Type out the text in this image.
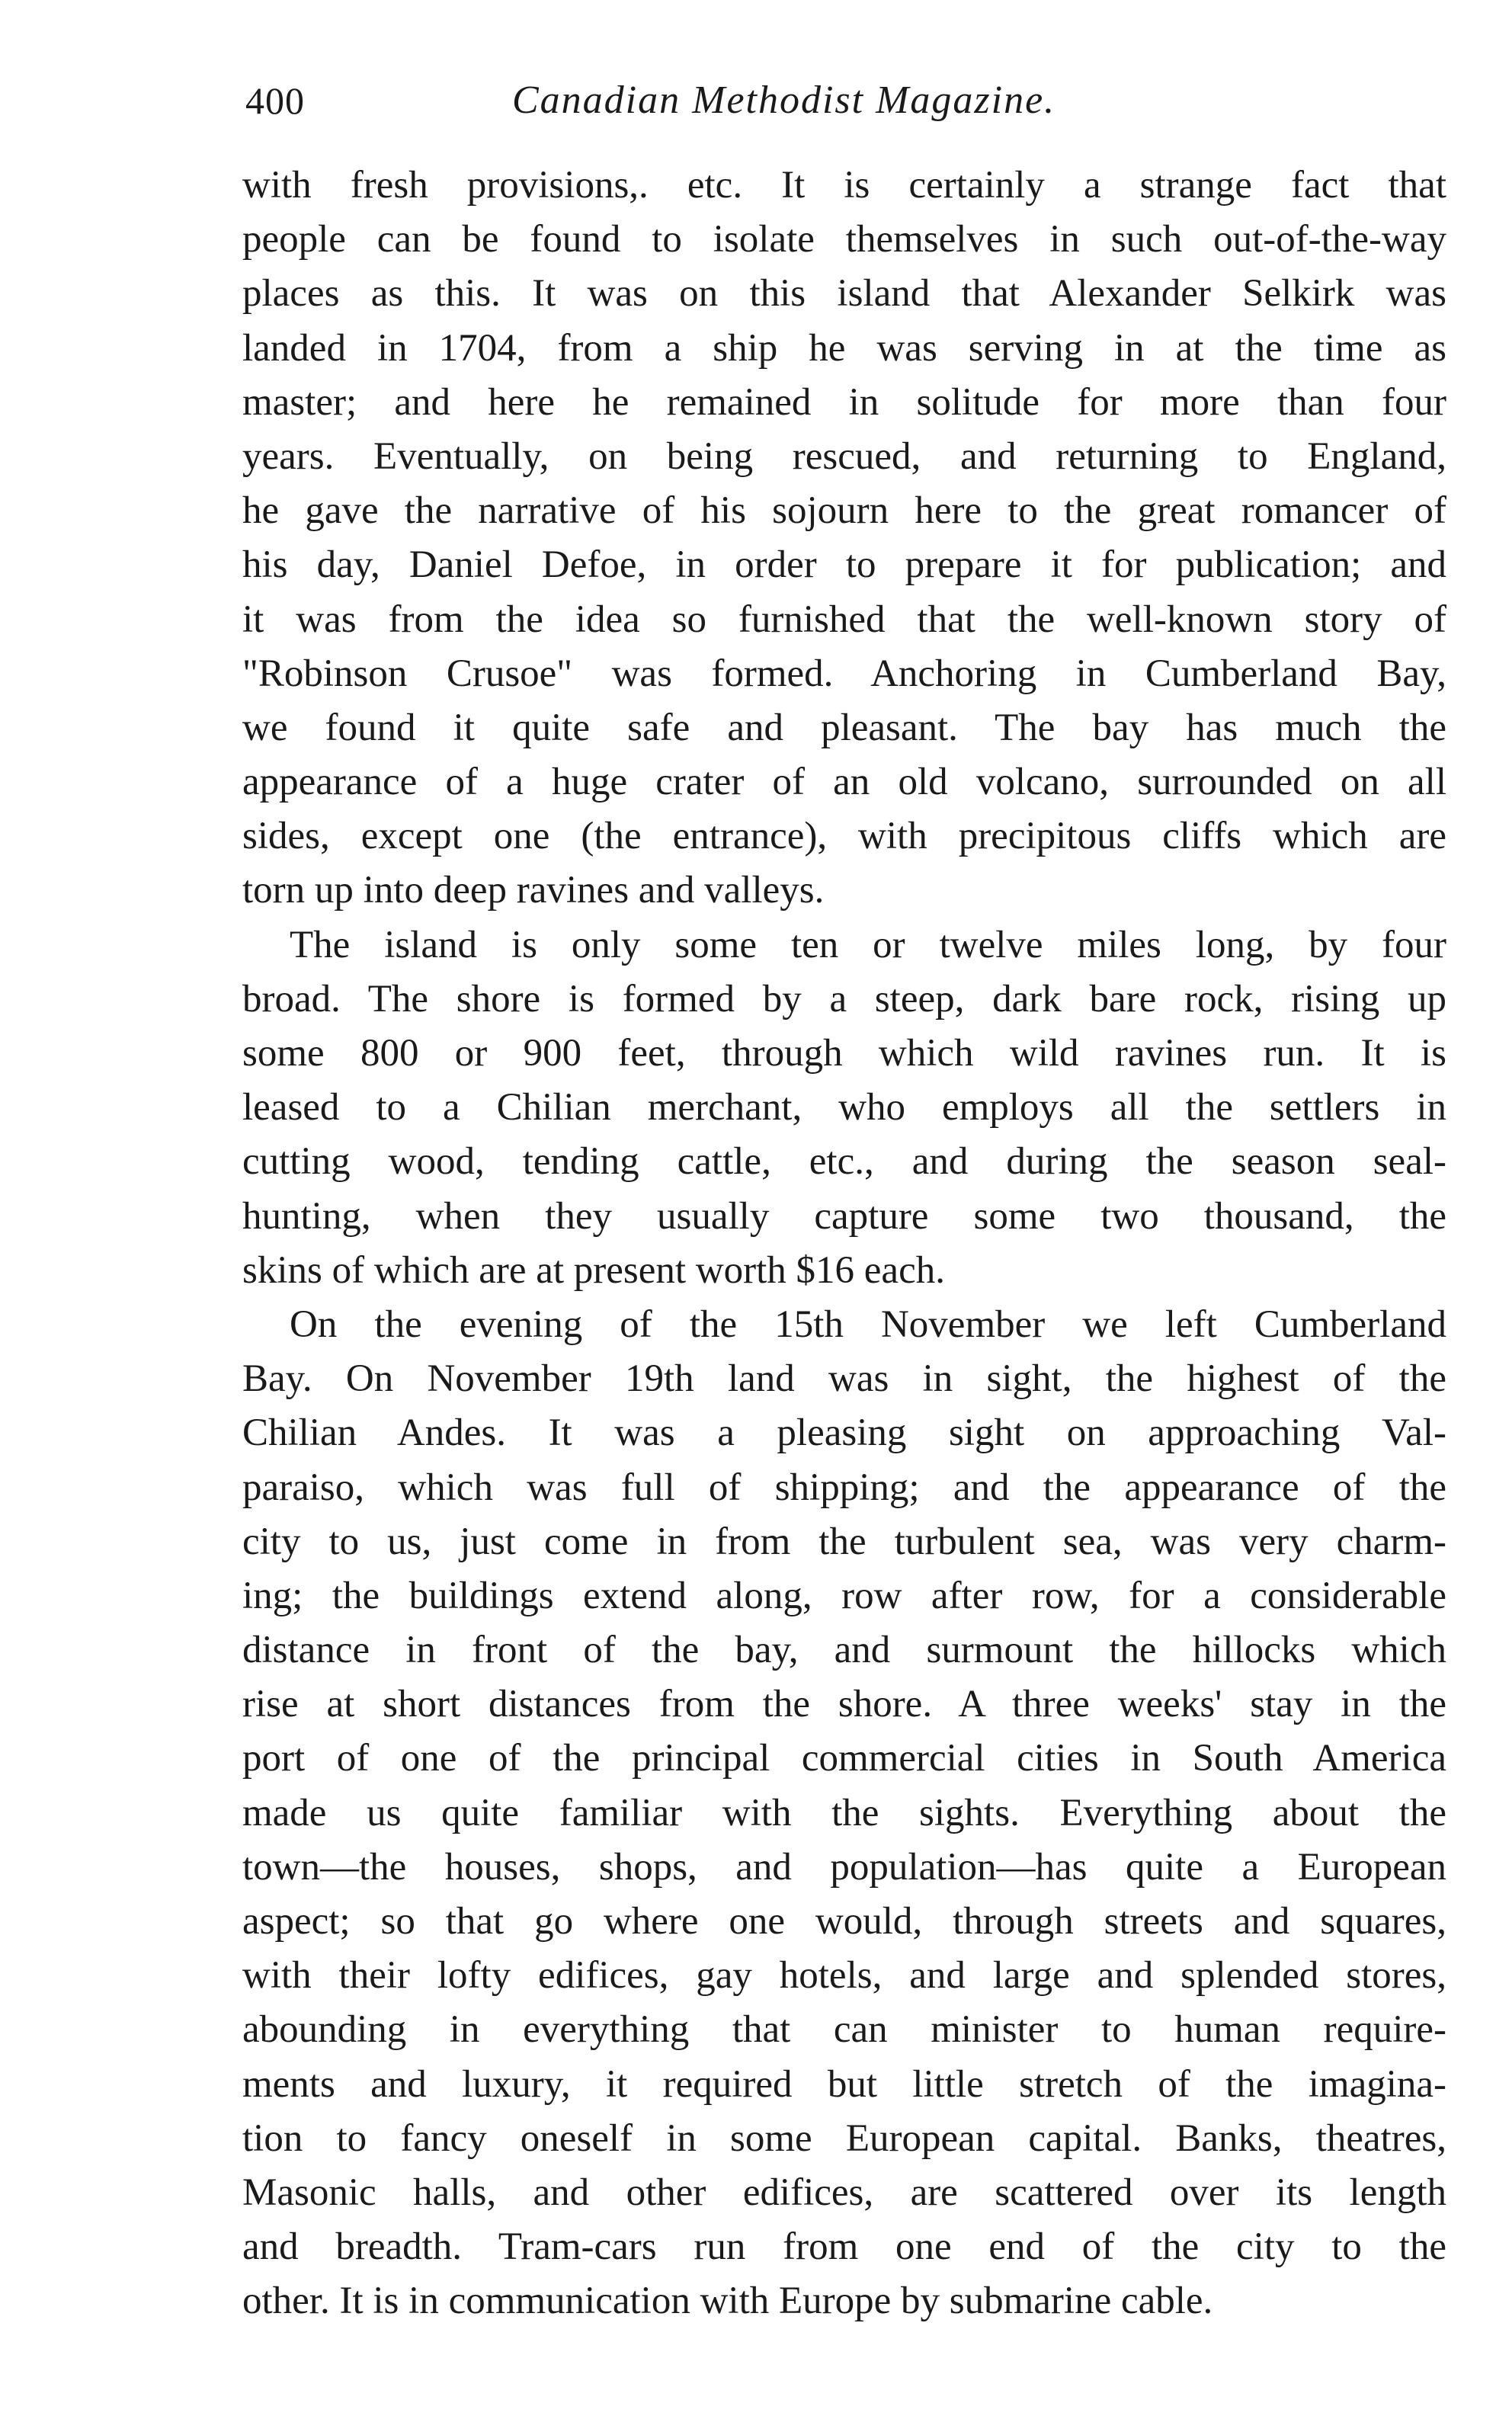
400	Canadian Methodist Magazine.
with fresh provisions,. etc. It is certainly a strange fact that
people can be found to isolate themselves in such out-of-the-way
places as this. It was on this island that Alexander Selkirk was
landed in 1704, from a ship he was serving in at the time as
master; and here he remained in solitude for more than four
years. Eventually, on being rescued, and returning to England,
he gave the narrative of his sojourn here to the great romancer of
his day, Daniel Defoe, in order to prepare it for publication; and
it was from the idea so furnished that the well-known story of
"Robinson Crusoe" was formed. Anchoring in Cumberland Bay,
we found it quite safe and pleasant. The bay has much the
appearance of a huge crater of an old volcano, surrounded on all
sides, except one (the entrance), with precipitous cliffs which are
torn up into deep ravines and valleys.
The island is only some ten or twelve miles long, by four
broad. The shore is formed by a steep, dark bare rock, rising up
some 800 or 900 feet, through which wild ravines run. It is
leased to a Chilian merchant, who employs all the settlers in
cutting wood, tending cattle, etc., and during the season seal-
hunting, when they usually capture some two thousand, the
skins of which are at present worth $16 each.
On the evening of the 15th November we left Cumberland
Bay. On November 19th land was in sight, the highest of the
Chilian Andes. It was a pleasing sight on approaching Val-
paraiso, which was full of shipping; and the appearance of the
city to us, just come in from the turbulent sea, was very charm-
ing; the buildings extend along, row after row, for a considerable
distance in front of the bay, and surmount the hillocks which
rise at short distances from the shore. A three weeks' stay in the
port of one of the principal commercial cities in South America
made us quite familiar with the sights. Everything about the
town—the houses, shops, and population—has quite a European
aspect; so that go where one would, through streets and squares,
with their lofty edifices, gay hotels, and large and splended stores,
abounding in everything that can minister to human require-
ments and luxury, it required but little stretch of the imagina-
tion to fancy oneself in some European capital. Banks, theatres,
Masonic halls, and other edifices, are scattered over its length
and breadth. Tram-cars run from one end of the city to the
other. It is in communication with Europe by submarine cable.
